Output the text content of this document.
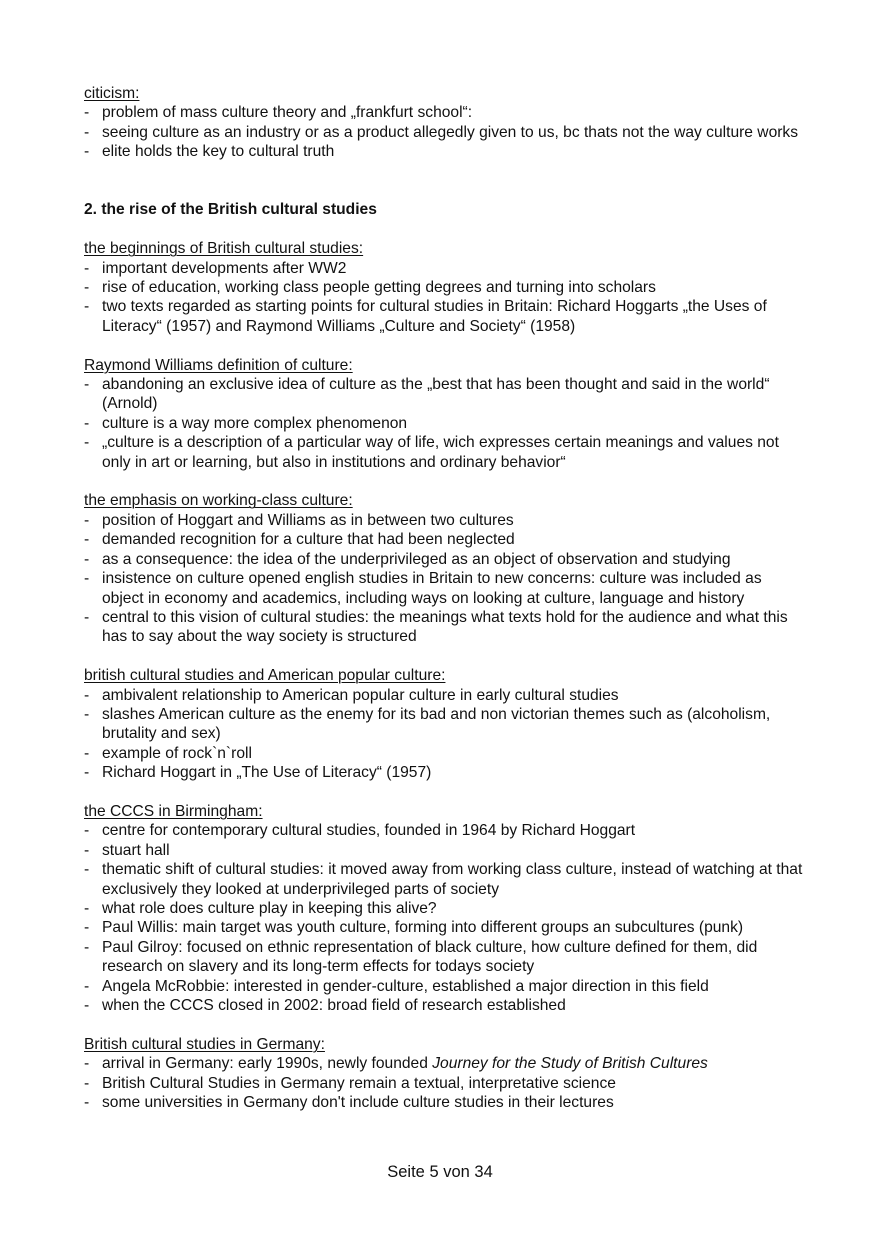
citicism:

- problem of mass culture theory and „frankfurt school“:
- seeing culture as an industry or as a product allegedly given to us, bc thats not the way culture works
- elite holds the key to cultural truth

2. the rise of the British cultural studies

the beginnings of British cultural studies:

- important developments after WW2
- rise of education, working class people getting degrees and turning into scholars
- two texts regarded as starting points for cultural studies in Britain: Richard Hoggarts „the Uses of Literacy“ (1957) and Raymond Williams „Culture and Society“ (1958)

Raymond Williams definition of culture:

- abandoning an exclusive idea of culture as the „best that has been thought and said in the world“ (Arnold)
- culture is a way more complex phenomenon
- „culture is a description of a particular way of life, wich expresses certain meanings and values not only in art or learning, but also in institutions and ordinary behavior“

the emphasis on working-class culture:

- position of Hoggart and Williams as in between two cultures
- demanded recognition for a culture that had been neglected
- as a consequence: the idea of the underprivileged as an object of observation and studying
- insistence on culture opened english studies in Britain to new concerns: culture was included as object in economy and academics, including ways on looking at culture, language and history
- central to this vision of cultural studies: the meanings what texts hold for the audience and what this has to say about the way society is structured

british cultural studies and American popular culture:

- ambivalent relationship to American popular culture in early cultural studies
- slashes American culture as the enemy for its bad and non victorian themes such as (alcoholism, brutality and sex)
- example of rock`n`roll
- Richard Hoggart in „The Use of Literacy“ (1957)

the CCCS in Birmingham:

- centre for contemporary cultural studies, founded in 1964 by Richard Hoggart
- stuart hall
- thematic shift of cultural studies: it moved away from working class culture, instead of watching at that exclusively they looked at underprivileged parts of society
- what role does culture play in keeping this alive?
- Paul Willis: main target was youth culture, forming into different groups an subcultures (punk)
- Paul Gilroy: focused on ethnic representation of black culture, how culture defined for them, did research on slavery and its long-term effects for todays society
- Angela McRobbie: interested in gender-culture, established a major direction in this field
- when the CCCS closed in 2002: broad field of research established

British cultural studies in Germany:

- arrival in Germany: early 1990s, newly founded Journey for the Study of British Cultures
- British Cultural Studies in Germany remain a textual, interpretative science
- some universities in Germany don't include culture studies in their lectures
Seite 5 von 34
